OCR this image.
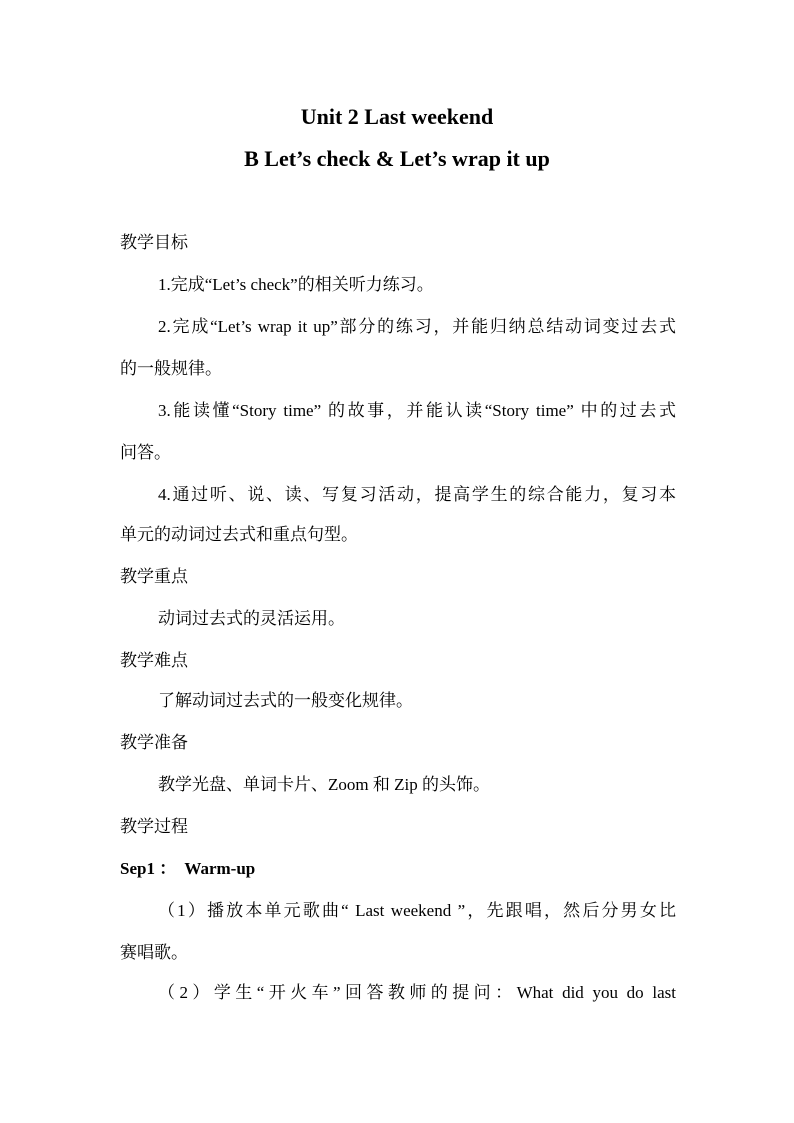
Unit 2 Last weekend
B Let’s check & Let’s wrap it up
教学目标
1.完成“Let’s check”的相关听力练习。
2.完成“Let’s wrap it up”部分的练习，并能归纳总结动词变过去式
的一般规律。
3.能读懂“Story time” 的故事，并能认读“Story time” 中的过去式
问答。
4.通过听、说、读、写复习活动，提高学生的综合能力，复习本
单元的动词过去式和重点句型。
教学重点
动词过去式的灵活运用。
教学难点
了解动词过去式的一般变化规律。
教学准备
教学光盘、单词卡片、Zoom 和 Zip 的头饰。
教学过程
Sep1 ：  Warm-up
（1）播放本单元歌曲“ Last weekend ”，先跟唱，然后分男女比
赛唱歌。
（2）学生“开火车”回答教师的提问：What did you do last
